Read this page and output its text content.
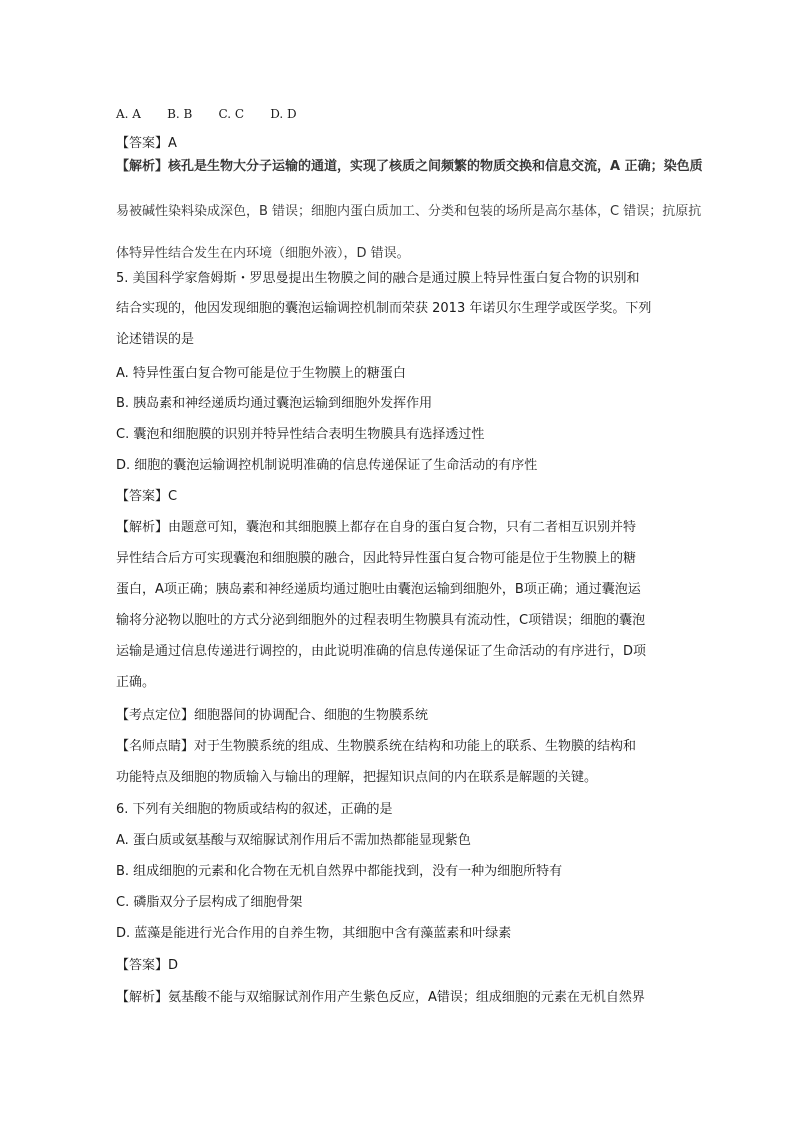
A. A B. B C. C D. D
【答案】A
【解析】核孔是生物大分子运输的通道，实现了核质之间频繁的物质交换和信息交流，A 正确；染色质
易被碱性染料染成深色，B 错误；细胞内蛋白质加工、分类和包装的场所是高尔基体，C 错误；抗原抗
体特异性结合发生在内环境（细胞外液），D 错误。
5. 美国科学家詹姆斯・罗思曼提出生物膜之间的融合是通过膜上特异性蛋白复合物的识别和
结合实现的，他因发现细胞的囊泡运输调控机制而荣获 2013 年诺贝尔生理学或医学奖。下列
论述错误的是
A. 特异性蛋白复合物可能是位于生物膜上的糖蛋白
B. 胰岛素和神经递质均通过囊泡运输到细胞外发挥作用
C. 囊泡和细胞膜的识别并特异性结合表明生物膜具有选择透过性
D. 细胞的囊泡运输调控机制说明准确的信息传递保证了生命活动的有序性
【答案】C
【解析】由题意可知，囊泡和其细胞膜上都存在自身的蛋白复合物，只有二者相互识别并特
异性结合后方可实现囊泡和细胞膜的融合，因此特异性蛋白复合物可能是位于生物膜上的糖
蛋白，A项正确；胰岛素和神经递质均通过胞吐由囊泡运输到细胞外，B项正确；通过囊泡运
输将分泌物以胞吐的方式分泌到细胞外的过程表明生物膜具有流动性，C项错误；细胞的囊泡
运输是通过信息传递进行调控的，由此说明准确的信息传递保证了生命活动的有序进行，D项
正确。
【考点定位】细胞器间的协调配合、细胞的生物膜系统
【名师点睛】对于生物膜系统的组成、生物膜系统在结构和功能上的联系、生物膜的结构和
功能特点及细胞的物质输入与输出的理解，把握知识点间的内在联系是解题的关键。
6. 下列有关细胞的物质或结构的叙述，正确的是
A. 蛋白质或氨基酸与双缩脲试剂作用后不需加热都能显现紫色
B. 组成细胞的元素和化合物在无机自然界中都能找到，没有一种为细胞所特有
C. 磷脂双分子层构成了细胞骨架
D. 蓝藻是能进行光合作用的自养生物，其细胞中含有藻蓝素和叶绿素
【答案】D
【解析】氨基酸不能与双缩脲试剂作用产生紫色反应，A错误；组成细胞的元素在无机自然界
